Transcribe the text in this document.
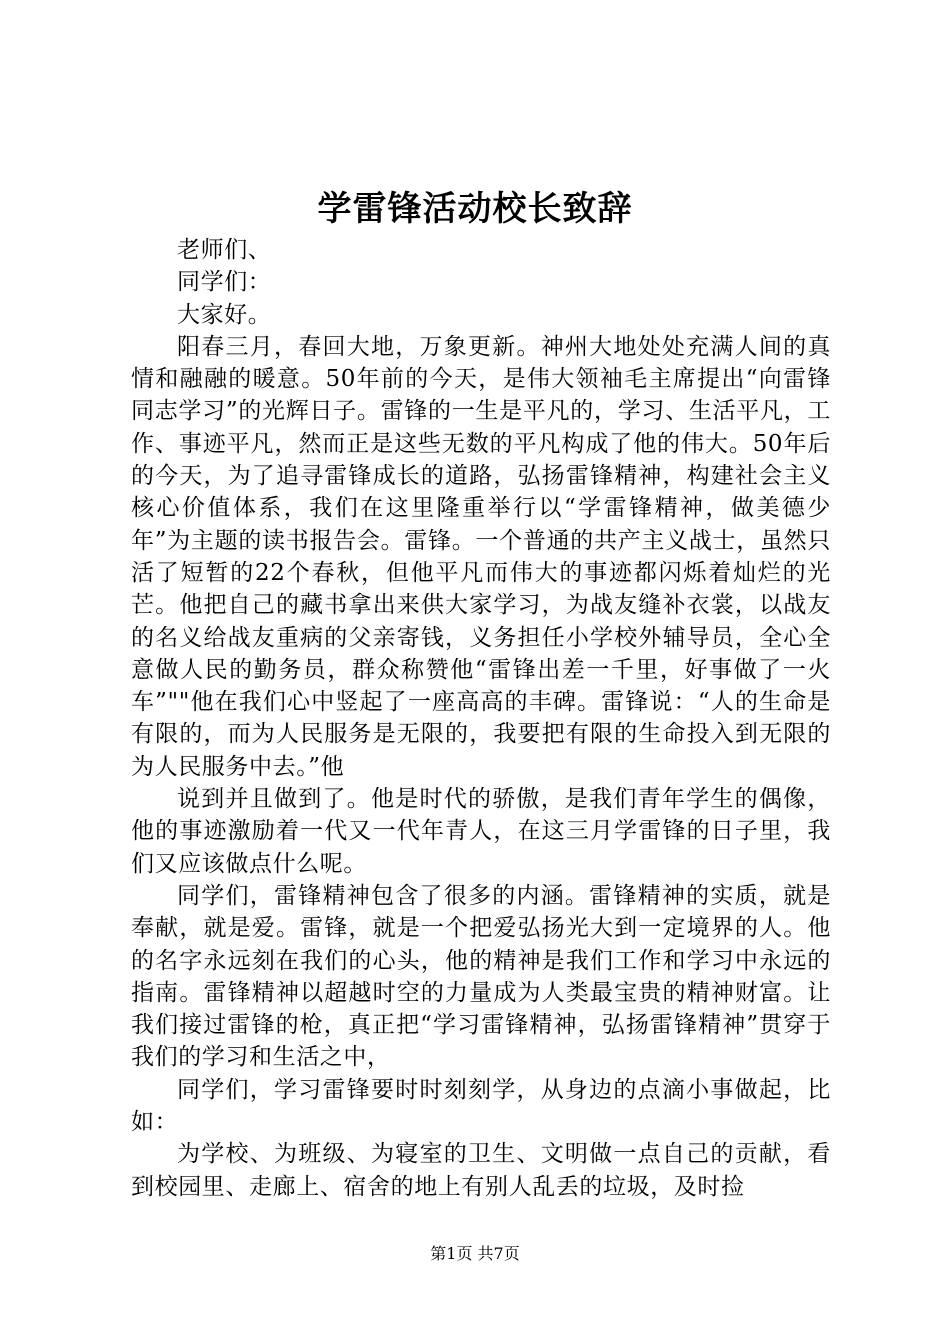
学雷锋活动校长致辞

老师们、

同学们：

大家好。

阳春三月，春回大地，万象更新。神州大地处处充满人间的真情和融融的暖意。50年前的今天，是伟大领袖毛主席提出“向雷锋同志学习”的光辉日子。雷锋的一生是平凡的，学习、生活平凡，工作、事迹平凡，然而正是这些无数的平凡构成了他的伟大。50年后的今天，为了追寻雷锋成长的道路，弘扬雷锋精神，构建社会主义核心价值体系，我们在这里隆重举行以“学雷锋精神，做美德少年”为主题的读书报告会。雷锋。一个普通的共产主义战士，虽然只活了短暂的22个春秋，但他平凡而伟大的事迹都闪烁着灿烂的光芒。他把自己的藏书拿出来供大家学习，为战友缝补衣裳，以战友的名义给战友重病的父亲寄钱，义务担任小学校外辅导员，全心全意做人民的勤务员，群众称赞他“雷锋出差一千里，好事做了一火车”""他在我们心中竖起了一座高高的丰碑。雷锋说：“人的生命是有限的，而为人民服务是无限的，我要把有限的生命投入到无限的为人民服务中去。”他

说到并且做到了。他是时代的骄傲，是我们青年学生的偶像，他的事迹激励着一代又一代年青人，在这三月学雷锋的日子里，我们又应该做点什么呢。

同学们，雷锋精神包含了很多的内涵。雷锋精神的实质，就是奉献，就是爱。雷锋，就是一个把爱弘扬光大到一定境界的人。他的名字永远刻在我们的心头，他的精神是我们工作和学习中永远的指南。雷锋精神以超越时空的力量成为人类最宝贵的精神财富。让我们接过雷锋的枪，真正把“学习雷锋精神，弘扬雷锋精神”贯穿于我们的学习和生活之中，

同学们，学习雷锋要时时刻刻学，从身边的点滴小事做起，比如：

为学校、为班级、为寝室的卫生、文明做一点自己的贡献，看到校园里、走廊上、宿舍的地上有别人乱丢的垃圾，及时捡

第1页 共7页
